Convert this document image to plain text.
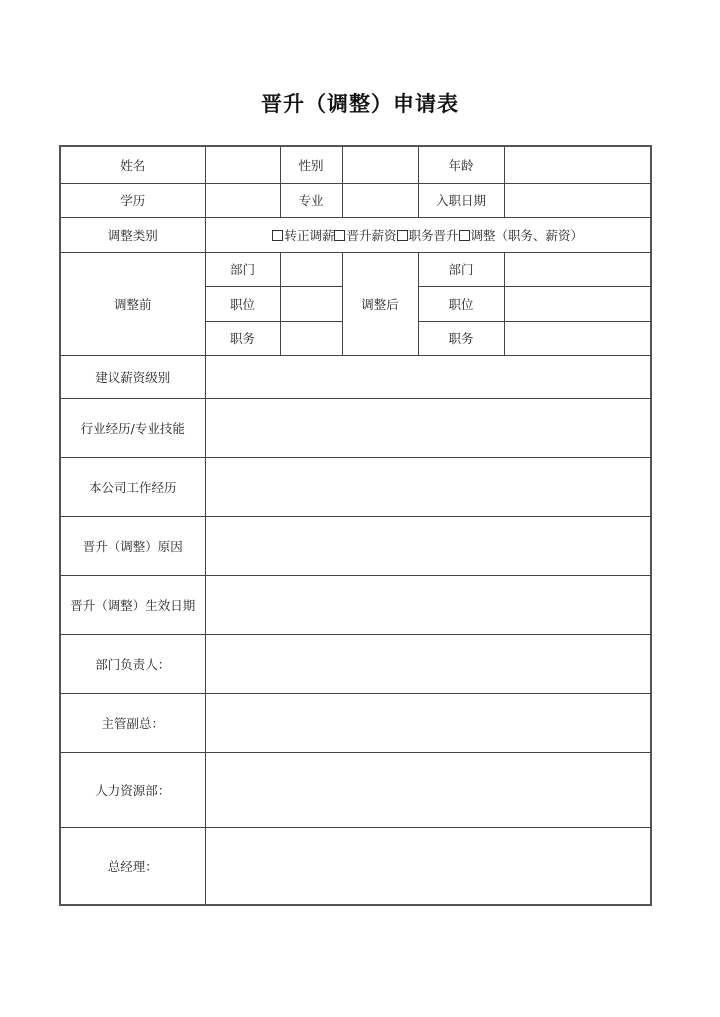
晋升（调整）申请表
姓名		性别		年龄	
学历		专业		入职日期	
调整类别	转正调薪 晋升薪资 职务晋升 调整（职务、薪资）				
调整前	部门		调整后	部门	
	职位			职位	
	职务			职务	
建议薪资级别					
行业经历/专业技能					
本公司工作经历					
晋升（调整）原因					
晋升（调整）生效日期					
部门负责人：					
主管副总：					
人力资源部：					
总经理：					
